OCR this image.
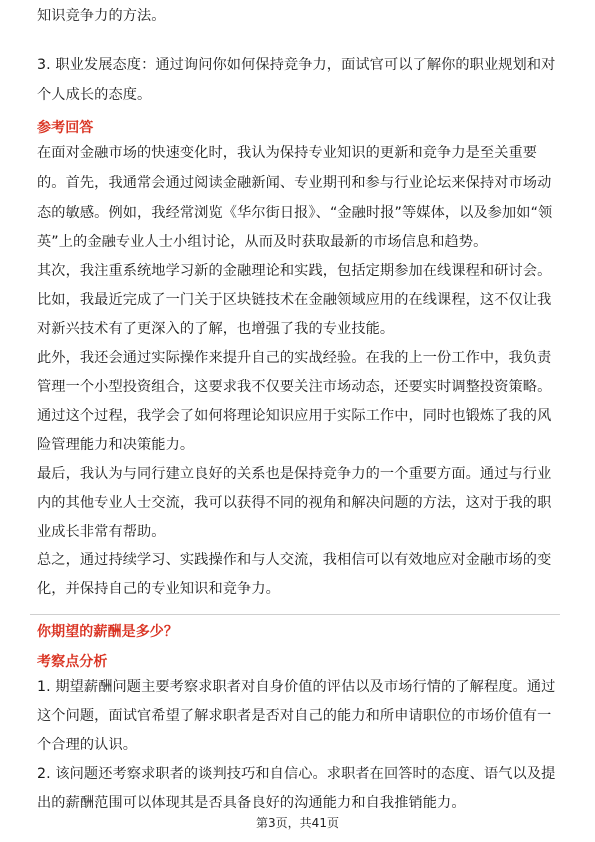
知识竞争力的方法。
3. 职业发展态度：通过询问你如何保持竞争力，面试官可以了解你的职业规划和对
个人成长的态度。
参考回答
在面对金融市场的快速变化时，我认为保持专业知识的更新和竞争力是至关重要
的。首先，我通常会通过阅读金融新闻、专业期刊和参与行业论坛来保持对市场动
态的敏感。例如，我经常浏览《华尔街日报》、“金融时报”等媒体，以及参加如“领
英”上的金融专业人士小组讨论，从而及时获取最新的市场信息和趋势。
其次，我注重系统地学习新的金融理论和实践，包括定期参加在线课程和研讨会。
比如，我最近完成了一门关于区块链技术在金融领域应用的在线课程，这不仅让我
对新兴技术有了更深入的了解，也增强了我的专业技能。
此外，我还会通过实际操作来提升自己的实战经验。在我的上一份工作中，我负责
管理一个小型投资组合，这要求我不仅要关注市场动态，还要实时调整投资策略。
通过这个过程，我学会了如何将理论知识应用于实际工作中，同时也锻炼了我的风
险管理能力和决策能力。
最后，我认为与同行建立良好的关系也是保持竞争力的一个重要方面。通过与行业
内的其他专业人士交流，我可以获得不同的视角和解决问题的方法，这对于我的职
业成长非常有帮助。
总之，通过持续学习、实践操作和与人交流，我相信可以有效地应对金融市场的变
化，并保持自己的专业知识和竞争力。
你期望的薪酬是多少？
考察点分析
1. 期望薪酬问题主要考察求职者对自身价值的评估以及市场行情的了解程度。通过
这个问题，面试官希望了解求职者是否对自己的能力和所申请职位的市场价值有一
个合理的认识。
2. 该问题还考察求职者的谈判技巧和自信心。求职者在回答时的态度、语气以及提
出的薪酬范围可以体现其是否具备良好的沟通能力和自我推销能力。
第3页，共41页
